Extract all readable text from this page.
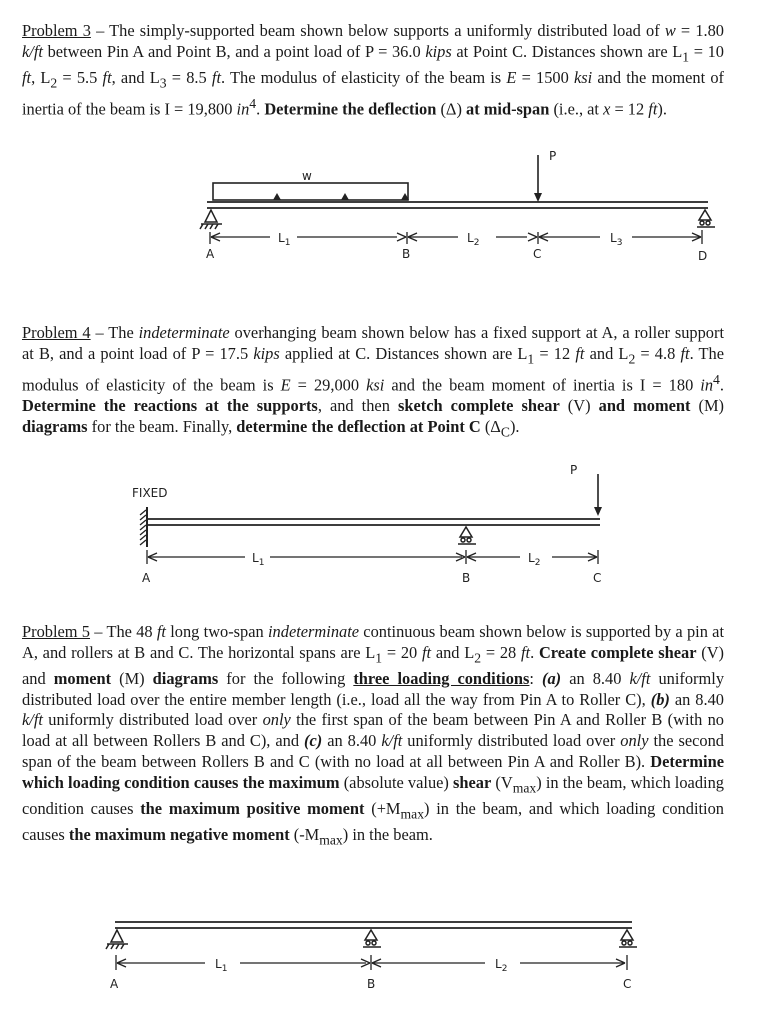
Problem 3 – The simply-supported beam shown below supports a uniformly distributed load of w = 1.80 k/ft between Pin A and Point B, and a point load of P = 36.0 kips at Point C. Distances shown are $L_1 = 10$ ft, $L_2 = 5.5$ ft, and $L_3 = 8.5$ ft. The modulus of elasticity of the beam is E = 1500 ksi and the moment of inertia of the beam is I = 19,800 $in^4$. Determine the deflection (Δ) at mid-span (i.e., at x = 12 ft).

w
P
$L_1$	$L_2$	$L_3$
A	B	C	D

Problem 4 – The indeterminate overhanging beam shown below has a fixed support at A, a roller support at B, and a point load of P = 17.5 kips applied at C. Distances shown are $L_1 = 12$ ft and $L_2 = 4.8$ ft. The modulus of elasticity of the beam is E = 29,000 ksi and the beam moment of inertia is I = 180 $in^4$. Determine the reactions at the supports, and then sketch complete shear (V) and moment (M) diagrams for the beam. Finally, determine the deflection at Point C $(\Delta_C)$.

FIXED
P
$L_1$	$L_2$
A	B	C

Problem 5 – The 48 ft long two-span indeterminate continuous beam shown below is supported by a pin at A, and rollers at B and C. The horizontal spans are $L_1 = 20$ ft and $L_2 = 28$ ft. Create complete shear (V) and moment (M) diagrams for the following three loading conditions: (a) an 8.40 k/ft uniformly distributed load over the entire member length (i.e., load all the way from Pin A to Roller C), (b) an 8.40 k/ft uniformly distributed load over only the first span of the beam between Pin A and Roller B (with no load at all between Rollers B and C), and (c) an 8.40 k/ft uniformly distributed load over only the second span of the beam between Rollers B and C (with no load at all between Pin A and Roller B). Determine which loading condition causes the maximum (absolute value) shear $(V_{max})$ in the beam, which loading condition causes the maximum positive moment $(+M_{max})$ in the beam, and which loading condition causes the maximum negative moment $(-M_{max})$ in the beam.

$L_1$	$L_2$
A	B	C
